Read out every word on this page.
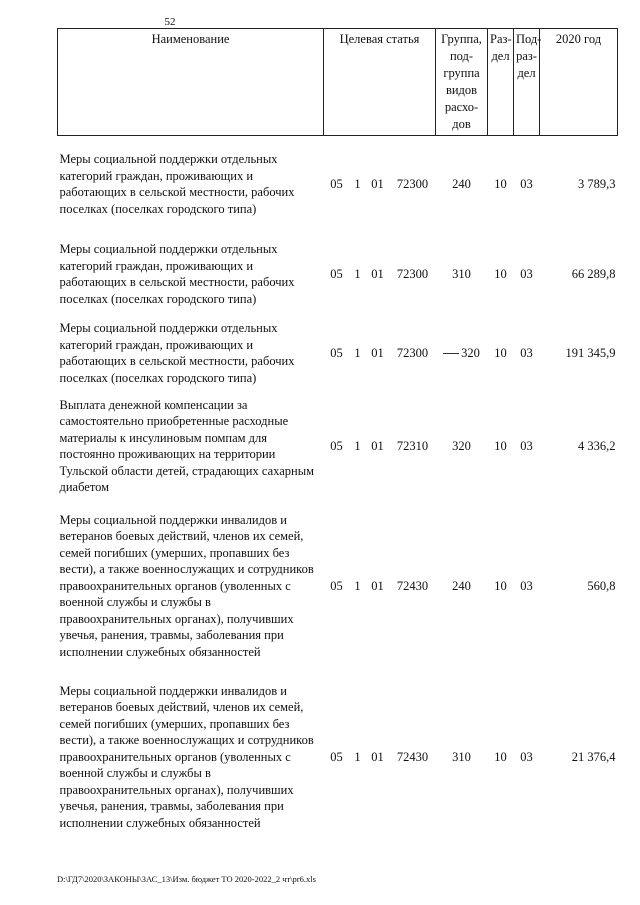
52
Наименование	Целевая статья				Группа, под-группа видов расхо-дов	Раз-дел	Под-раз-дел	2020 год
Меры социальной поддержки отдельных категорий граждан, проживающих и работающих в сельской местности, рабочих поселках (поселках городского типа)	05	1	01	72300	240	10	03	3 789,3
Меры социальной поддержки отдельных категорий граждан, проживающих и работающих в сельской местности, рабочих поселках (поселках городского типа)	05	1	01	72300	310	10	03	66 289,8
Меры социальной поддержки отдельных категорий граждан, проживающих и работающих в сельской местности, рабочих поселках (поселках городского типа)	05	1	01	72300	320	10	03	191 345,9
Выплата денежной компенсации за самостоятельно приобретенные расходные материалы к инсулиновым помпам для постоянно проживающих на территории Тульской области детей, страдающих сахарным диабетом	05	1	01	72310	320	10	03	4 336,2
Меры социальной поддержки инвалидов и ветеранов боевых действий, членов их семей, семей погибших (умерших, пропавших без вести), а также военнослужащих и сотрудников правоохранительных органов (уволенных с военной службы и службы в правоохранительных органах), получивших увечья, ранения, травмы, заболевания при исполнении служебных обязанностей	05	1	01	72430	240	10	03	560,8
Меры социальной поддержки инвалидов и ветеранов боевых действий, членов их семей, семей погибших (умерших, пропавших без вести), а также военнослужащих и сотрудников правоохранительных органов (уволенных с военной службы и службы в правоохранительных органах), получивших увечья, ранения, травмы, заболевания при исполнении служебных обязанностей	05	1	01	72430	310	10	03	21 376,4
D:\ГД7\2020\ЗАКОНЫ\ЗАС_13\Изм. бюджет ТО 2020-2022_2 чт\pr6.xls
